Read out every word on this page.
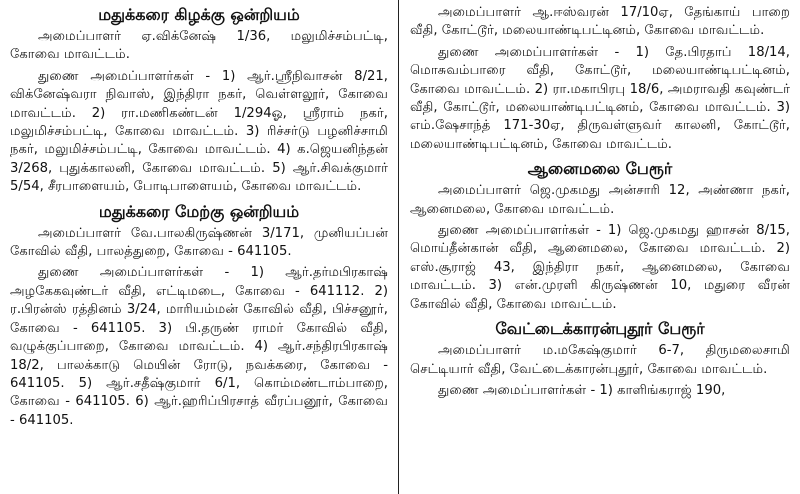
மதுக்கரை கிழக்கு ஒன்றியம்

அமைப்பாளர் ஏ.விக்னேஷ் 1/36, மலுமிச்சம்பட்டி, கோவை மாவட்டம்.

துணை அமைப்பாளர்கள் - 1) ஆர்.ஸ்ரீநிவாசன் 8/21, விக்னேஷ்வரா நிவாஸ், இந்திரா நகர், வெள்ளலூர், கோவை மாவட்டம். 2) ரா.மணிகண்டன் 1/294ஓ, ஸ்ரீராம் நகர், மலுமிச்சம்பட்டி, கோவை மாவட்டம். 3) ரிச்சர்டு பழனிச்சாமி நகர், மலுமிச்சம்பட்டி, கோவை மாவட்டம். 4) க.ஜெயனிந்தன் 3/268, புதுக்காலனி, கோவை மாவட்டம். 5) ஆர்.சிவக்குமார் 5/54, சீரபாளையம், போடிபாளையம், கோவை மாவட்டம்.

மதுக்கரை மேற்கு ஒன்றியம்

அமைப்பாளர் வே.பாலகிருஷ்ணன் 3/171, முனியப்பன் கோவில் வீதி, பாலத்துறை, கோவை - 641105.

துணை அமைப்பாளர்கள் - 1) ஆர்.தர்மபிரகாஷ் அழகேகவுண்டர் வீதி, எட்டிமடை, கோவை - 641112. 2) ர.பிரன்ஸ் ரத்தினம் 3/24, மாரியம்மன் கோவில் வீதி, பிச்சனூர், கோவை - 641105. 3) பி.தருண் ராமர் கோவில் வீதி, வழுக்குப்பாறை, கோவை மாவட்டம். 4) ஆர்.சந்திரபிரகாஷ் 18/2, பாலக்காடு மெயின் ரோடு, நவக்கரை, கோவை - 641105. 5) ஆர்.சதீஷ்குமார் 6/1, கொம்மண்டாம்பாறை, கோவை - 641105. 6) ஆர்.ஹரிப்பிரசாத் வீரப்பனூர், கோவை - 641105.

அமைப்பாளர் ஆ.ஈஸ்வரன் 17/10ஏ, தேங்காய் பாறை வீதி, கோட்டூர், மலையாண்டிபட்டினம், கோவை மாவட்டம்.

துணை அமைப்பாளர்கள் - 1) தே.பிரதாப் 18/14, மொசுவம்பாரை வீதி, கோட்டூர், மலையாண்டிபட்டினம், கோவை மாவட்டம். 2) ரா.மகாபிரபு 18/6, அமராவதி கவுண்டர் வீதி, கோட்டூர், மலையாண்டிபட்டினம், கோவை மாவட்டம். 3) எம்.ஷேசாந்த் 171-30ஏ, திருவள்ளுவர் காலனி, கோட்டூர், மலையாண்டிபட்டினம், கோவை மாவட்டம்.

ஆனைமலை பேரூர்

அமைப்பாளர் ஜெ.முகமது அன்சாரி 12, அண்ணா நகர், ஆனைமலை, கோவை மாவட்டம்.

துணை அமைப்பாளர்கள் - 1) ஜெ.முகமது ஹாசன் 8/15, மொய்தீன்கான் வீதி, ஆனைமலை, கோவை மாவட்டம். 2) எஸ்.சூராஜ் 43, இந்திரா நகர், ஆனைமலை, கோவை மாவட்டம். 3) என்.முரளி கிருஷ்ணன் 10, மதுரை வீரன் கோவில் வீதி, கோவை மாவட்டம்.

வேட்டைக்காரன்புதூர் பேரூர்

அமைப்பாளர் ம.மகேஷ்குமார் 6-7, திருமலைசாமி செட்டியார் வீதி, வேட்டைக்காரன்புதூர், கோவை மாவட்டம்.

துணை அமைப்பாளர்கள் - 1) காளிங்கராஜ் 190,
